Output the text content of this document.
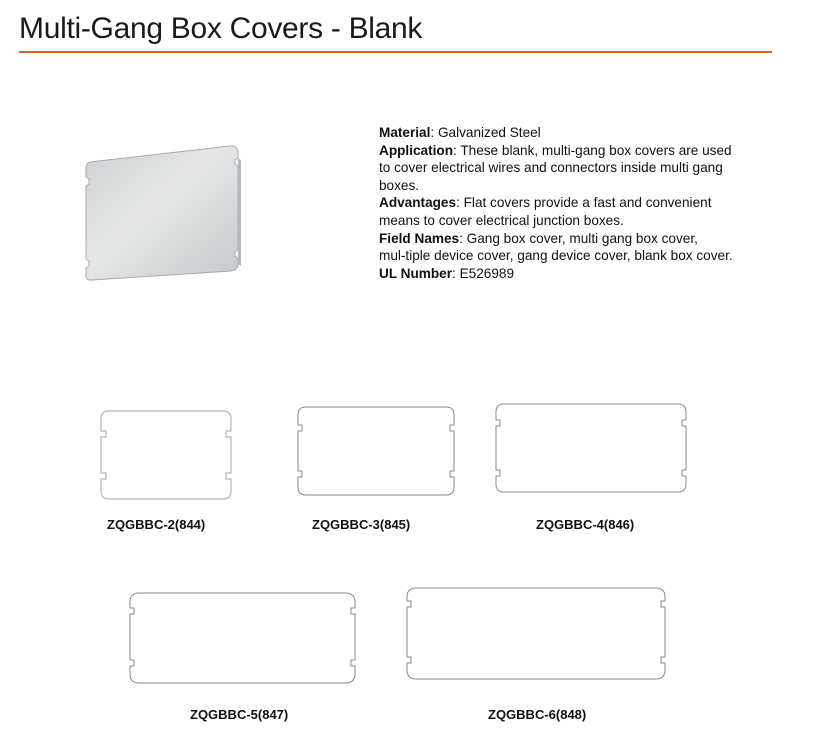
Multi-Gang Box Covers - Blank
Material: Galvanized Steel
Application: These blank, multi-gang box covers are used
to cover electrical wires and connectors inside multi gang
boxes.
Advantages: Flat covers provide a fast and convenient
means to cover electrical junction boxes.
Field Names: Gang box cover, multi gang box cover,
mul-tiple device cover, gang device cover, blank box cover.
UL Number: E526989
ZQGBBC-2(844)	ZQGBBC-3(845)	ZQGBBC-4(846)
ZQGBBC-5(847)	ZQGBBC-6(848)
